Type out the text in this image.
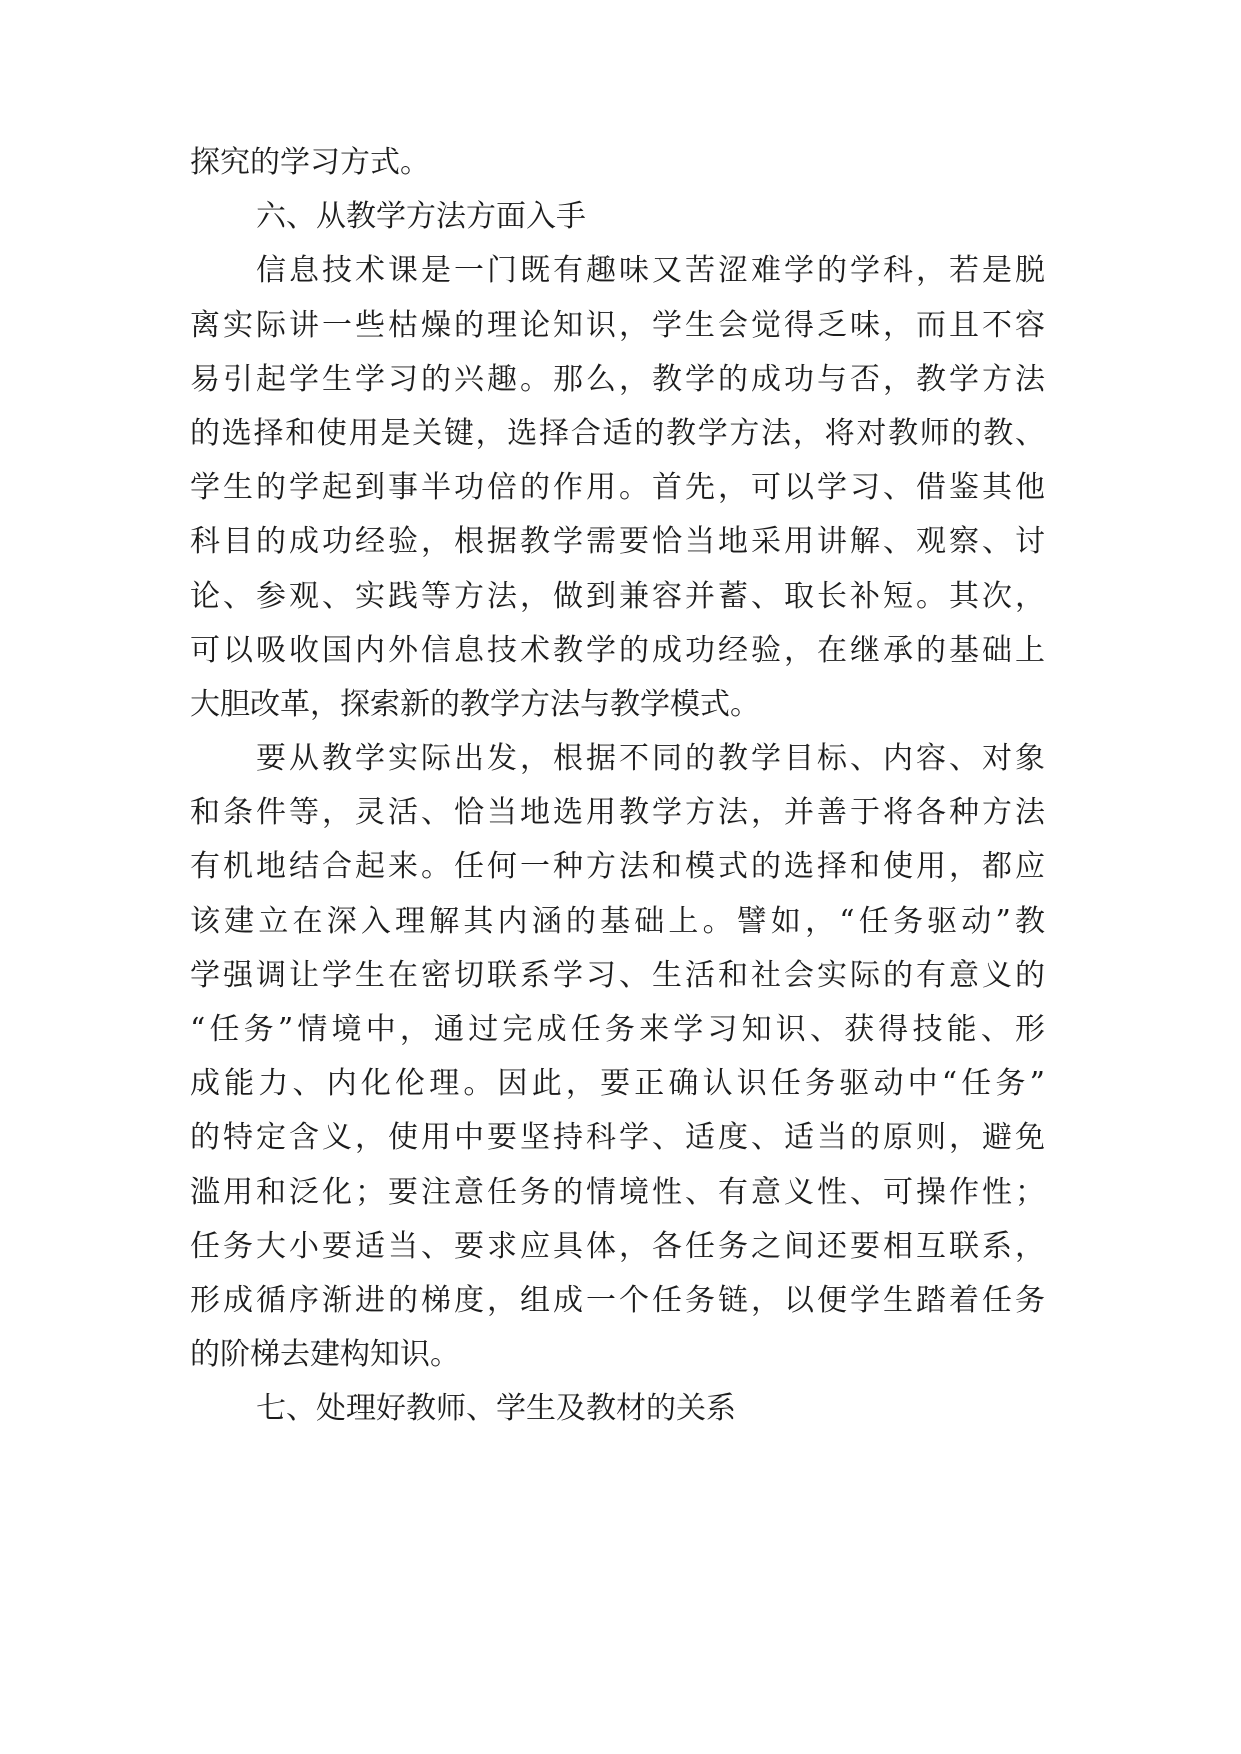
探究的学习方式。
六、从教学方法方面入手
信息技术课是一门既有趣味又苦涩难学的学科，若是脱
离实际讲一些枯燥的理论知识，学生会觉得乏味，而且不容
易引起学生学习的兴趣。那么，教学的成功与否，教学方法
的选择和使用是关键，选择合适的教学方法，将对教师的教、
学生的学起到事半功倍的作用。首先，可以学习、借鉴其他
科目的成功经验，根据教学需要恰当地采用讲解、观察、讨
论、参观、实践等方法，做到兼容并蓄、取长补短。其次，
可以吸收国内外信息技术教学的成功经验，在继承的基础上
大胆改革，探索新的教学方法与教学模式。
要从教学实际出发，根据不同的教学目标、内容、对象
和条件等，灵活、恰当地选用教学方法，并善于将各种方法
有机地结合起来。任何一种方法和模式的选择和使用，都应
该建立在深入理解其内涵的基础上。譬如，“任务驱动”教
学强调让学生在密切联系学习、生活和社会实际的有意义的
“任务”情境中，通过完成任务来学习知识、获得技能、形
成能力、内化伦理。因此，要正确认识任务驱动中“任务”
的特定含义，使用中要坚持科学、适度、适当的原则，避免
滥用和泛化；要注意任务的情境性、有意义性、可操作性；
任务大小要适当、要求应具体，各任务之间还要相互联系，
形成循序渐进的梯度，组成一个任务链，以便学生踏着任务
的阶梯去建构知识。
七、处理好教师、学生及教材的关系
